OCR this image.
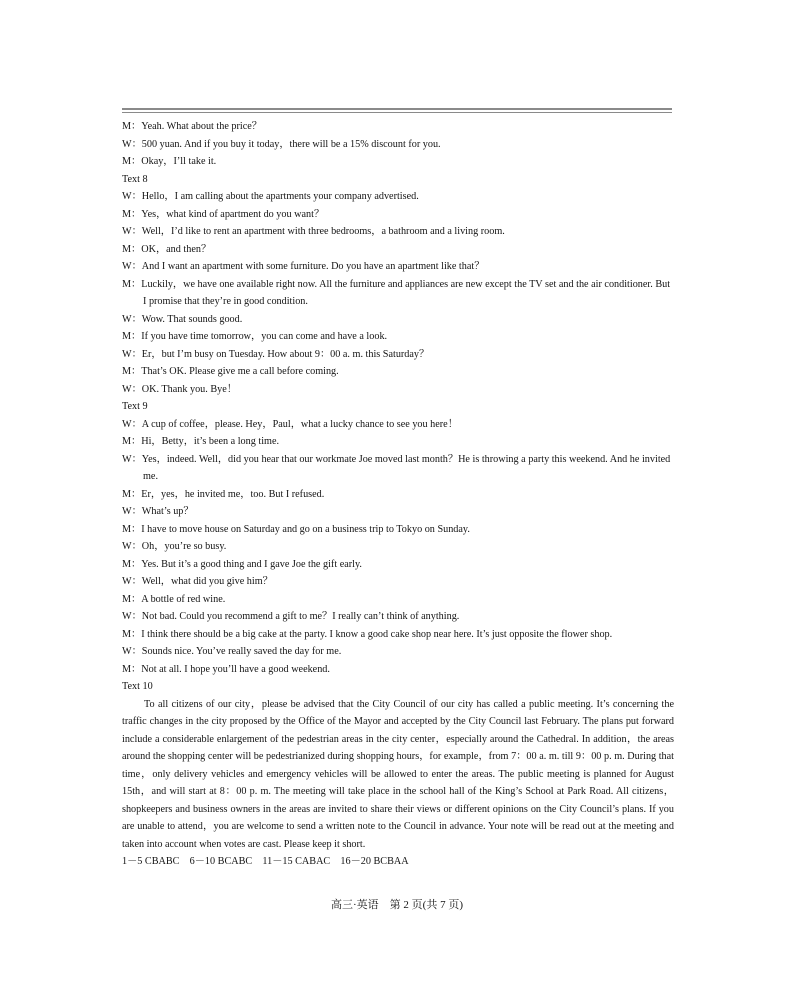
M：Yeah. What about the price？
W：500 yuan. And if you buy it today，there will be a 15% discount for you.
M：Okay，I’ll take it.
Text 8
W：Hello，I am calling about the apartments your company advertised.
M：Yes，what kind of apartment do you want？
W：Well，I’d like to rent an apartment with three bedrooms，a bathroom and a living room.
M：OK，and then？
W：And I want an apartment with some furniture. Do you have an apartment like that？
M：Luckily，we have one available right now. All the furniture and appliances are new except the TV set and the air conditioner. But I promise that they’re in good condition.
W：Wow. That sounds good.
M：If you have time tomorrow，you can come and have a look.
W：Er，but I’m busy on Tuesday. How about 9：00 a. m. this Saturday？
M：That’s OK. Please give me a call before coming.
W：OK. Thank you. Bye！
Text 9
W：A cup of coffee，please. Hey，Paul，what a lucky chance to see you here！
M：Hi，Betty，it’s been a long time.
W：Yes，indeed. Well，did you hear that our workmate Joe moved last month？He is throwing a party this weekend. And he invited me.
M：Er，yes，he invited me，too. But I refused.
W：What’s up？
M：I have to move house on Saturday and go on a business trip to Tokyo on Sunday.
W：Oh，you’re so busy.
M：Yes. But it’s a good thing and I gave Joe the gift early.
W：Well，what did you give him？
M：A bottle of red wine.
W：Not bad. Could you recommend a gift to me？I really can’t think of anything.
M：I think there should be a big cake at the party. I know a good cake shop near here. It’s just opposite the flower shop.
W：Sounds nice. You’ve really saved the day for me.
M：Not at all. I hope you’ll have a good weekend.
Text 10
To all citizens of our city，please be advised that the City Council of our city has called a public meeting. It’s concerning the traffic changes in the city proposed by the Office of the Mayor and accepted by the City Council last February. The plans put forward include a considerable enlargement of the pedestrian areas in the city center，especially around the Cathedral. In addition，the areas around the shopping center will be pedestrianized during shopping hours，for example，from 7：00 a. m. till 9：00 p. m. During that time，only delivery vehicles and emergency vehicles will be allowed to enter the areas. The public meeting is planned for August 15th，and will start at 8：00 p. m. The meeting will take place in the school hall of the King’s School at Park Road. All citizens，shopkeepers and business owners in the areas are invited to share their views or different opinions on the City Council’s plans. If you are unable to attend，you are welcome to send a written note to the Council in advance. Your note will be read out at the meeting and taken into account when votes are cast. Please keep it short.
1－5 CBABC　6－10 BCABC　11－15 CABAC　16－20 BCBAA
高三·英语　第 2 页(共 7 页)
